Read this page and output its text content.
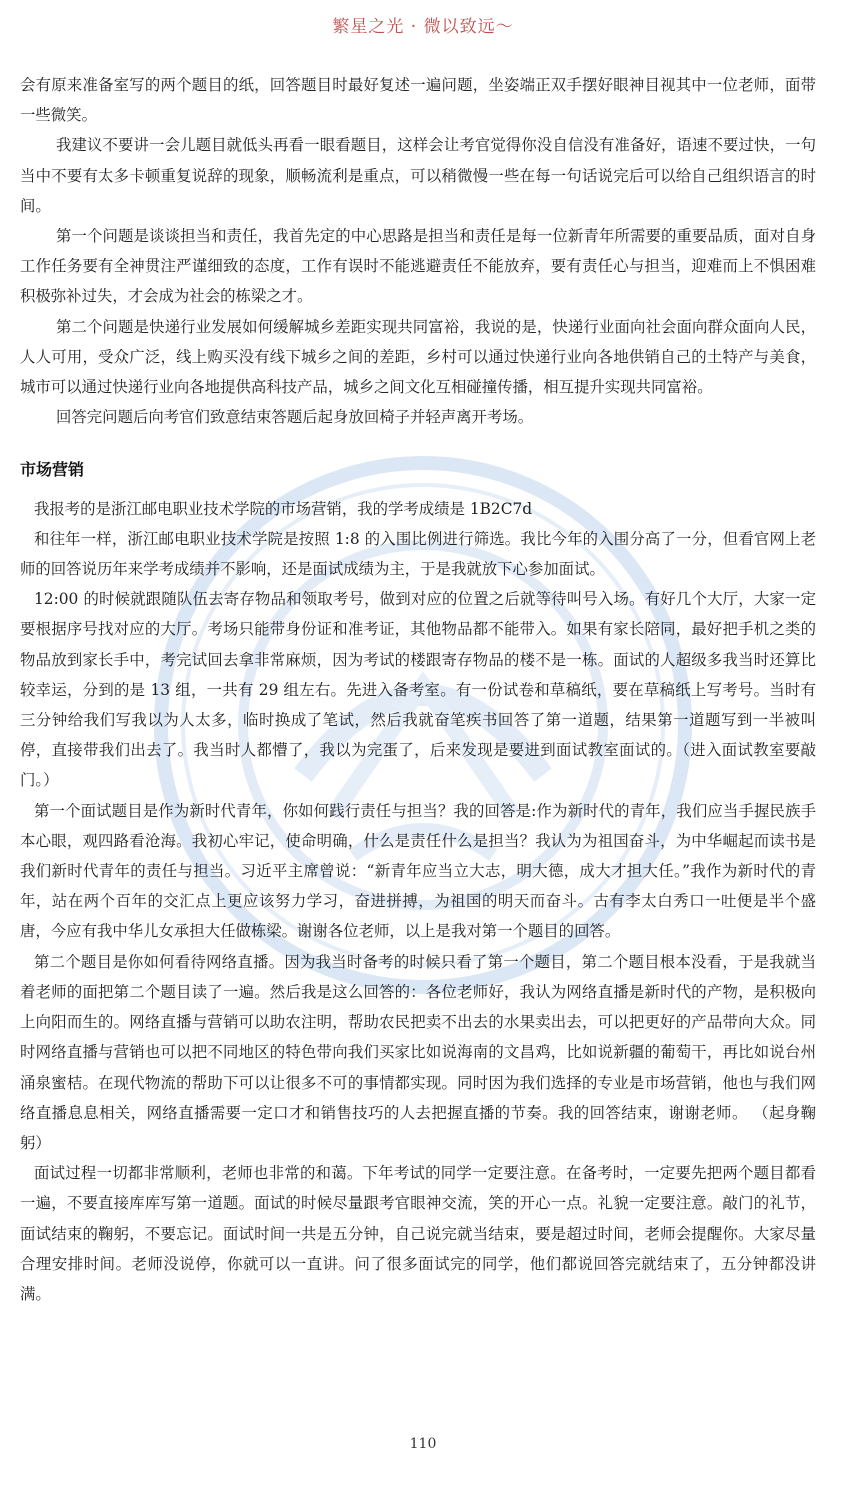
繁星之光 · 微以致远～

会有原来准备室写的两个题目的纸，回答题目时最好复述一遍问题，坐姿端正双手摆好眼神目视其中一位老师，面带一些微笑。

我建议不要讲一会儿题目就低头再看一眼看题目，这样会让考官觉得你没自信没有准备好，语速不要过快，一句当中不要有太多卡顿重复说辞的现象，顺畅流利是重点，可以稍微慢一些在每一句话说完后可以给自己组织语言的时间。

第一个问题是谈谈担当和责任，我首先定的中心思路是担当和责任是每一位新青年所需要的重要品质，面对自身工作任务要有全神贯注严谨细致的态度，工作有误时不能逃避责任不能放弃，要有责任心与担当，迎难而上不惧困难积极弥补过失，才会成为社会的栋梁之才。

第二个问题是快递行业发展如何缓解城乡差距实现共同富裕，我说的是，快递行业面向社会面向群众面向人民，人人可用，受众广泛，线上购买没有线下城乡之间的差距，乡村可以通过快递行业向各地供销自己的土特产与美食，城市可以通过快递行业向各地提供高科技产品，城乡之间文化互相碰撞传播，相互提升实现共同富裕。

回答完问题后向考官们致意结束答题后起身放回椅子并轻声离开考场。

市场营销

我报考的是浙江邮电职业技术学院的市场营销，我的学考成绩是 1B2C7d

和往年一样，浙江邮电职业技术学院是按照 1:8 的入围比例进行筛选。我比今年的入围分高了一分，但看官网上老师的回答说历年来学考成绩并不影响，还是面试成绩为主，于是我就放下心参加面试。

12:00 的时候就跟随队伍去寄存物品和领取考号，做到对应的位置之后就等待叫号入场。有好几个大厅，大家一定要根据序号找对应的大厅。考场只能带身份证和准考证，其他物品都不能带入。如果有家长陪同，最好把手机之类的物品放到家长手中，考完试回去拿非常麻烦，因为考试的楼跟寄存物品的楼不是一栋。面试的人超级多我当时还算比较幸运，分到的是 13 组，一共有 29 组左右。先进入备考室。有一份试卷和草稿纸，要在草稿纸上写考号。当时有三分钟给我们写我以为人太多，临时换成了笔试，然后我就奋笔疾书回答了第一道题，结果第一道题写到一半被叫停，直接带我们出去了。我当时人都懵了，我以为完蛋了，后来发现是要进到面试教室面试的。（进入面试教室要敲门。）

第一个面试题目是作为新时代青年，你如何践行责任与担当？我的回答是:作为新时代的青年，我们应当手握民族手本心眼，观四路看沧海。我初心牢记，使命明确，什么是责任什么是担当？我认为为祖国奋斗，为中华崛起而读书是我们新时代青年的责任与担当。习近平主席曾说：“新青年应当立大志，明大德，成大才担大任。”我作为新时代的青年，站在两个百年的交汇点上更应该努力学习，奋进拼搏，为祖国的明天而奋斗。古有李太白秀口一吐便是半个盛唐，今应有我中华儿女承担大任做栋梁。谢谢各位老师，以上是我对第一个题目的回答。

第二个题目是你如何看待网络直播。因为我当时备考的时候只看了第一个题目，第二个题目根本没看，于是我就当着老师的面把第二个题目读了一遍。然后我是这么回答的：各位老师好，我认为网络直播是新时代的产物，是积极向上向阳而生的。网络直播与营销可以助农注明，帮助农民把卖不出去的水果卖出去，可以把更好的产品带向大众。同时网络直播与营销也可以把不同地区的特色带向我们买家比如说海南的文昌鸡，比如说新疆的葡萄干，再比如说台州涌泉蜜桔。在现代物流的帮助下可以让很多不可的事情都实现。同时因为我们选择的专业是市场营销，他也与我们网络直播息息相关，网络直播需要一定口才和销售技巧的人去把握直播的节奏。我的回答结束，谢谢老师。 （起身鞠躬）

面试过程一切都非常顺利，老师也非常的和蔼。下年考试的同学一定要注意。在备考时，一定要先把两个题目都看一遍，不要直接库库写第一道题。面试的时候尽量跟考官眼神交流，笑的开心一点。礼貌一定要注意。敲门的礼节，面试结束的鞠躬，不要忘记。面试时间一共是五分钟，自己说完就当结束，要是超过时间，老师会提醒你。大家尽量合理安排时间。老师没说停，你就可以一直讲。问了很多面试完的同学，他们都说回答完就结束了，五分钟都没讲满。

110
